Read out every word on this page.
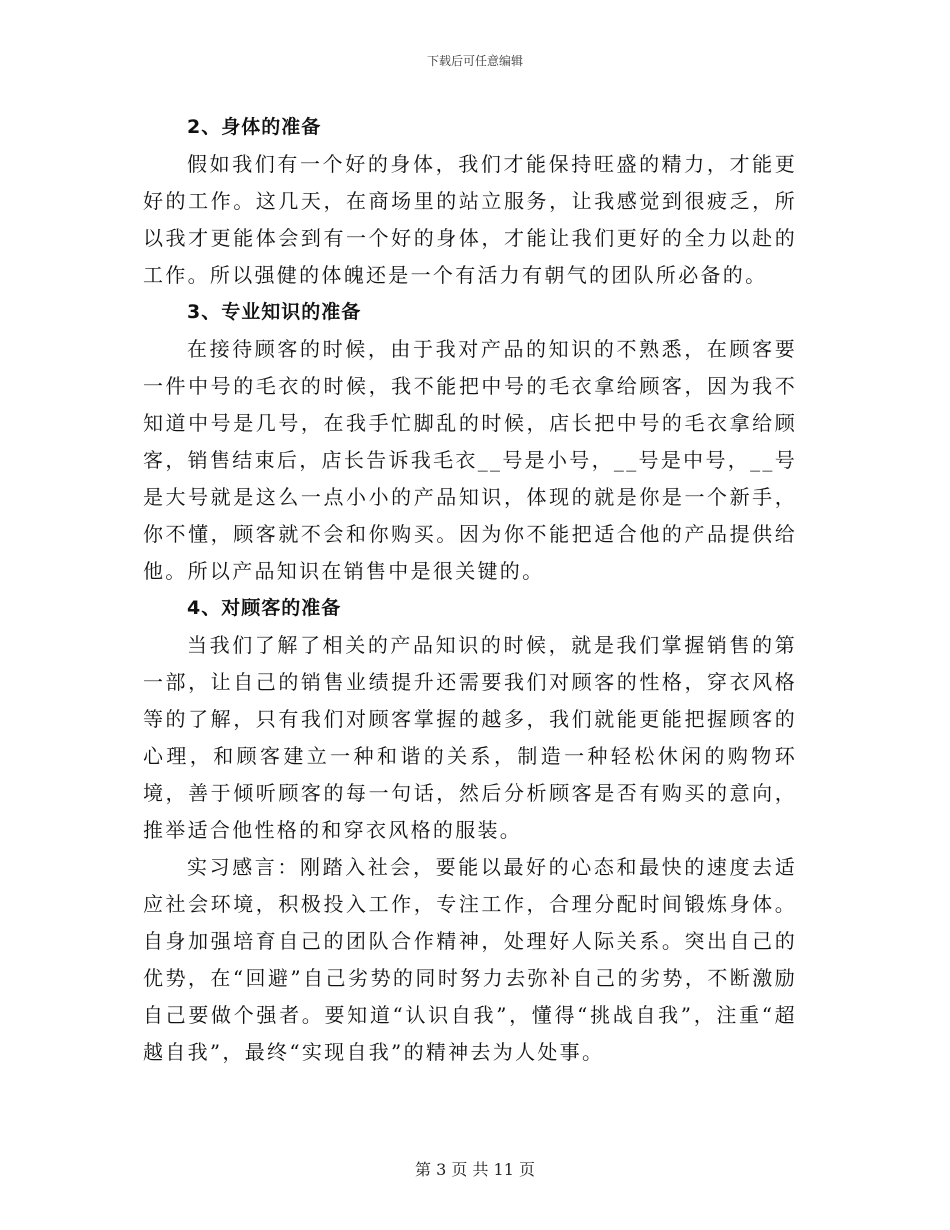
下载后可任意编辑
2、身体的准备

假如我们有一个好的身体，我们才能保持旺盛的精力，才能更好的工作。这几天，在商场里的站立服务，让我感觉到很疲乏，所以我才更能体会到有一个好的身体，才能让我们更好的全力以赴的工作。所以强健的体魄还是一个有活力有朝气的团队所必备的。

3、专业知识的准备

在接待顾客的时候，由于我对产品的知识的不熟悉，在顾客要一件中号的毛衣的时候，我不能把中号的毛衣拿给顾客，因为我不知道中号是几号，在我手忙脚乱的时候，店长把中号的毛衣拿给顾客，销售结束后，店长告诉我毛衣__号是小号，__号是中号，__号是大号就是这么一点小小的产品知识，体现的就是你是一个新手，你不懂，顾客就不会和你购买。因为你不能把适合他的产品提供给他。所以产品知识在销售中是很关键的。

4、对顾客的准备

当我们了解了相关的产品知识的时候，就是我们掌握销售的第一部，让自己的销售业绩提升还需要我们对顾客的性格，穿衣风格等的了解，只有我们对顾客掌握的越多，我们就能更能把握顾客的心理，和顾客建立一种和谐的关系，制造一种轻松休闲的购物环境，善于倾听顾客的每一句话，然后分析顾客是否有购买的意向，推举适合他性格的和穿衣风格的服装。

实习感言：刚踏入社会，要能以最好的心态和最快的速度去适应社会环境，积极投入工作，专注工作，合理分配时间锻炼身体。自身加强培育自己的团队合作精神，处理好人际关系。突出自己的优势，在“回避”自己劣势的同时努力去弥补自己的劣势，不断激励自己要做个强者。要知道“认识自我”，懂得“挑战自我”，注重“超越自我”，最终“实现自我”的精神去为人处事。

第 3 页 共 11 页
